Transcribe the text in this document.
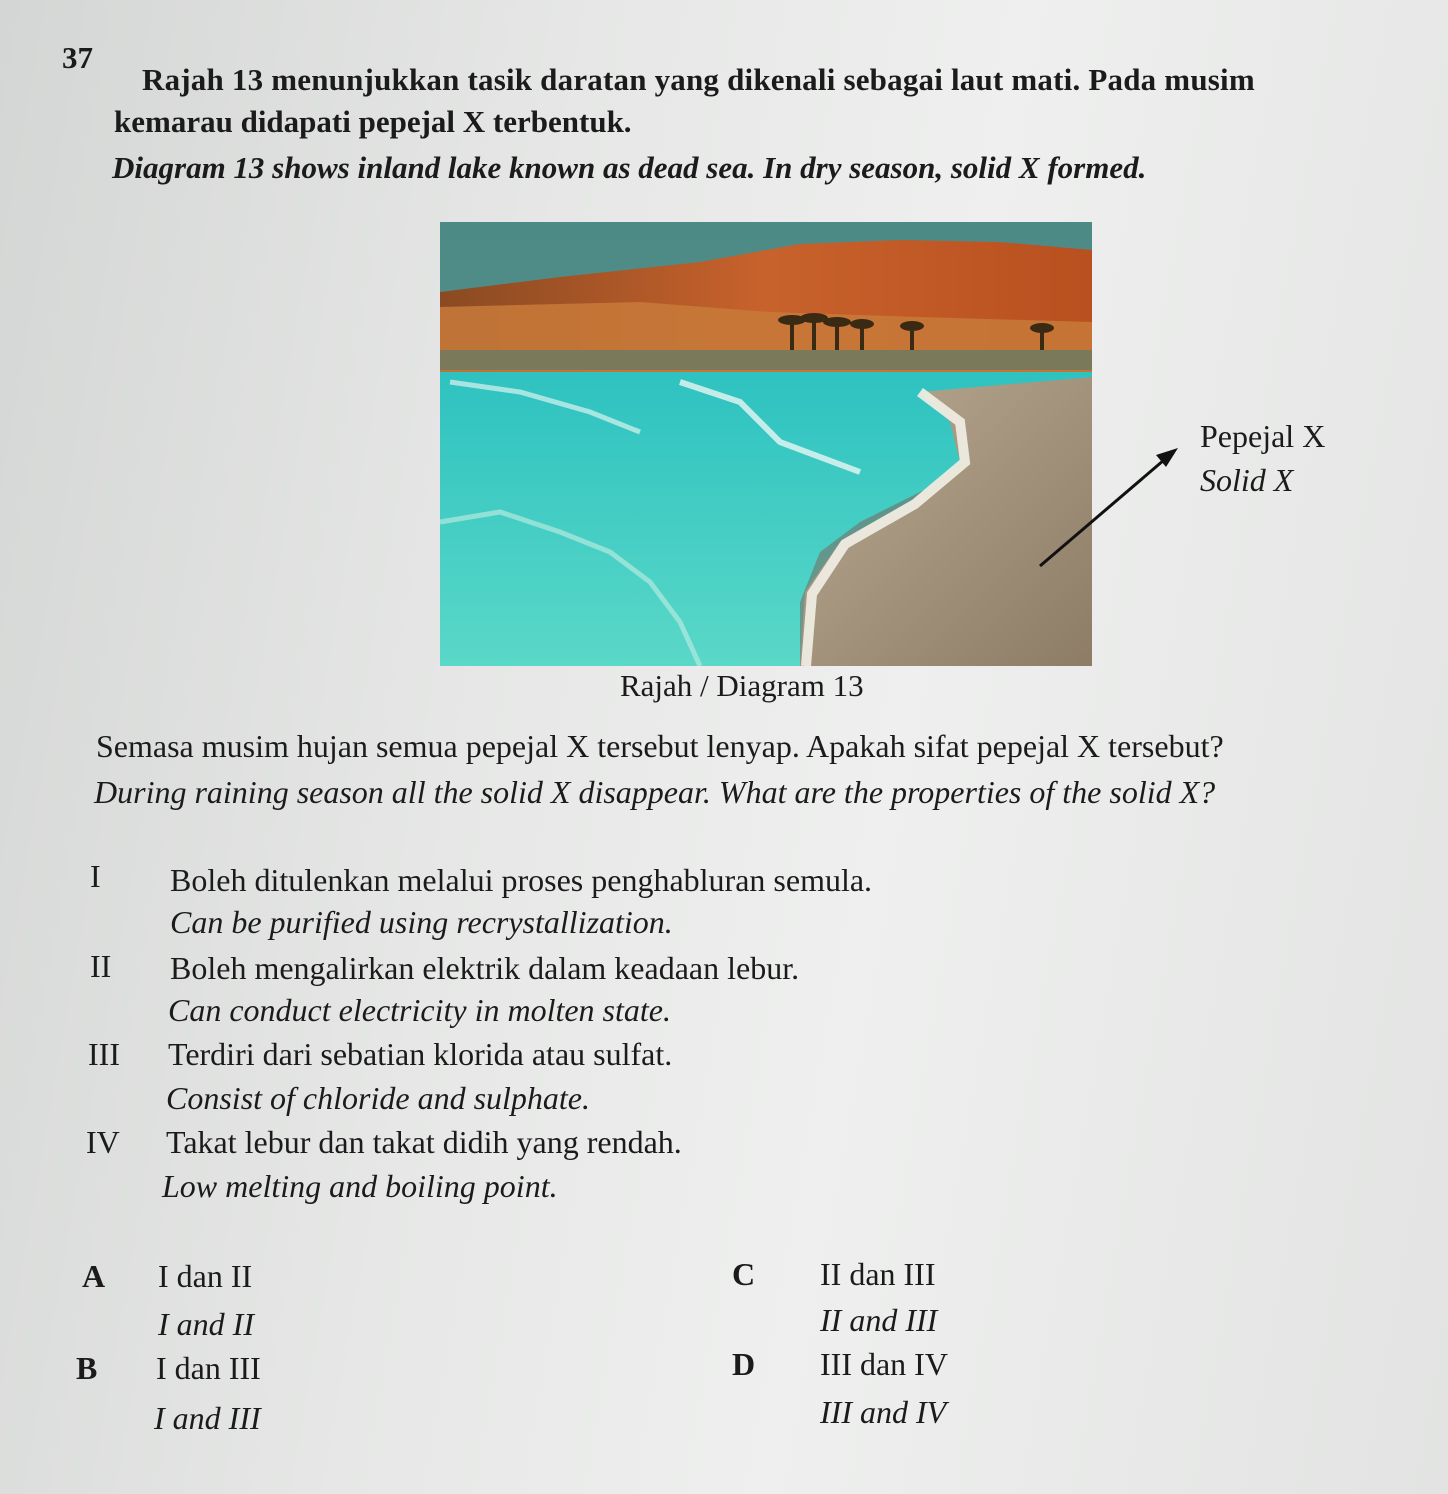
37
Rajah 13 menunjukkan tasik daratan yang dikenali sebagai laut mati. Pada musim
kemarau didapati pepejal X terbentuk.
Diagram 13 shows inland lake known as dead sea. In dry season, solid X formed.
Pepejal X
Solid X
Rajah / Diagram 13
Semasa musim hujan semua pepejal X tersebut lenyap. Apakah sifat pepejal X tersebut?
During raining season all the solid X disappear. What are the properties of the solid X?
I Boleh ditulenkan melalui proses penghabluran semula.
Can be purified using recrystallization.
II Boleh mengalirkan elektrik dalam keadaan lebur.
Can conduct electricity in molten state.
III Terdiri dari sebatian klorida atau sulfat.
Consist of chloride and sulphate.
IV Takat lebur dan takat didih yang rendah.
Low melting and boiling point.
A I dan II
I and II
B I dan III
I and III
C II dan III
II and III
D III dan IV
III and IV
